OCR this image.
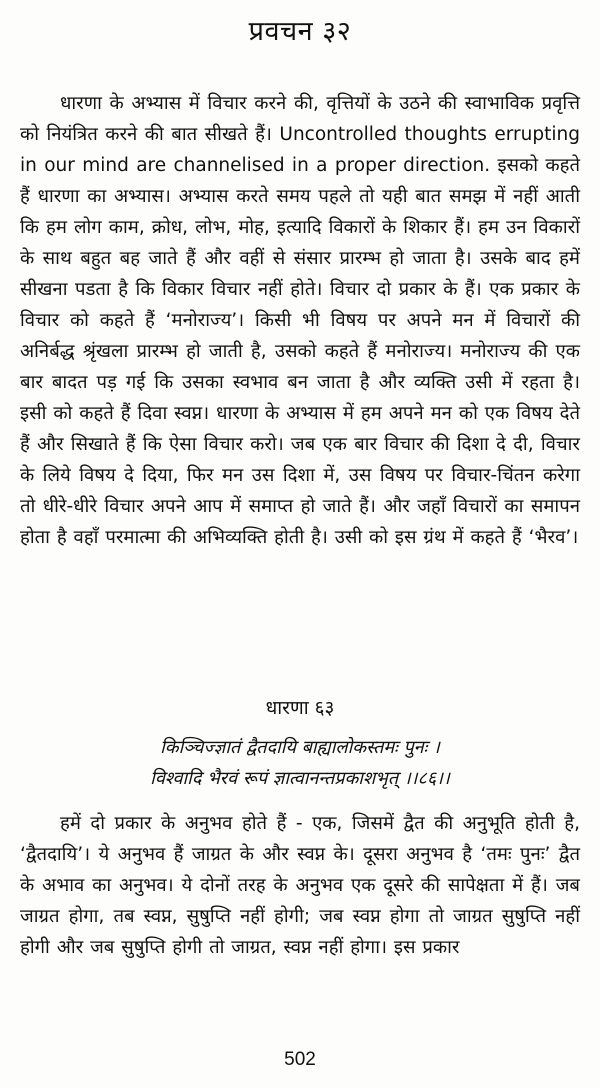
प्रवचन ३२

धारणा के अभ्यास में विचार करने की, वृत्तियों के उठने की स्वाभाविक प्रवृत्ति को नियंत्रित करने की बात सीखते हैं। Uncontrolled thoughts errupting in our mind are channelised in a proper direction. इसको कहते हैं धारणा का अभ्यास। अभ्यास करते समय पहले तो यही बात समझ में नहीं आती कि हम लोग काम, क्रोध, लोभ, मोह, इत्यादि विकारों के शिकार हैं। हम उन विकारों के साथ बहुत बह जाते हैं और वहीं से संसार प्रारम्भ हो जाता है। उसके बाद हमें सीखना पडता है कि विकार विचार नहीं होते। विचार दो प्रकार के हैं। एक प्रकार के विचार को कहते हैं ‘मनोराज्य’। किसी भी विषय पर अपने मन में विचारों की अनिर्बद्ध श्रृंखला प्रारम्भ हो जाती है, उसको कहते हैं मनोराज्य। मनोराज्य की एक बार बादत पड़ गई कि उसका स्वभाव बन जाता है और व्यक्ति उसी में रहता है। इसी को कहते हैं दिवा स्वप्न। धारणा के अभ्यास में हम अपने मन को एक विषय देते हैं और सिखाते हैं कि ऐसा विचार करो। जब एक बार विचार की दिशा दे दी, विचार के लिये विषय दे दिया, फिर मन उस दिशा में, उस विषय पर विचार-चिंतन करेगा तो धीरे-धीरे विचार अपने आप में समाप्त हो जाते हैं। और जहाँ विचारों का समापन होता है वहाँ परमात्मा की अभिव्यक्ति होती है। उसी को इस ग्रंथ में कहते हैं ‘भैरव’।

धारणा ६३
किञ्चिज्ज्ञातं द्वैतदायि बाह्यालोकस्तमः पुनः ।
विश्वादि भैरवं रूपं ज्ञात्वानन्तप्रकाशभृत् ।।८६।।

हमें दो प्रकार के अनुभव होते हैं - एक, जिसमें द्वैत की अनुभूति होती है, ‘द्वैतदायि’। ये अनुभव हैं जाग्रत के और स्वप्न के। दूसरा अनुभव है ‘तमः पुनः’ द्वैत के अभाव का अनुभव। ये दोनों तरह के अनुभव एक दूसरे की सापेक्षता में हैं। जब जाग्रत होगा, तब स्वप्न, सुषुप्ति नहीं होगी; जब स्वप्न होगा तो जाग्रत सुषुप्ति नहीं होगी और जब सुषुप्ति होगी तो जाग्रत, स्वप्न नहीं होगा। इस प्रकार

502
